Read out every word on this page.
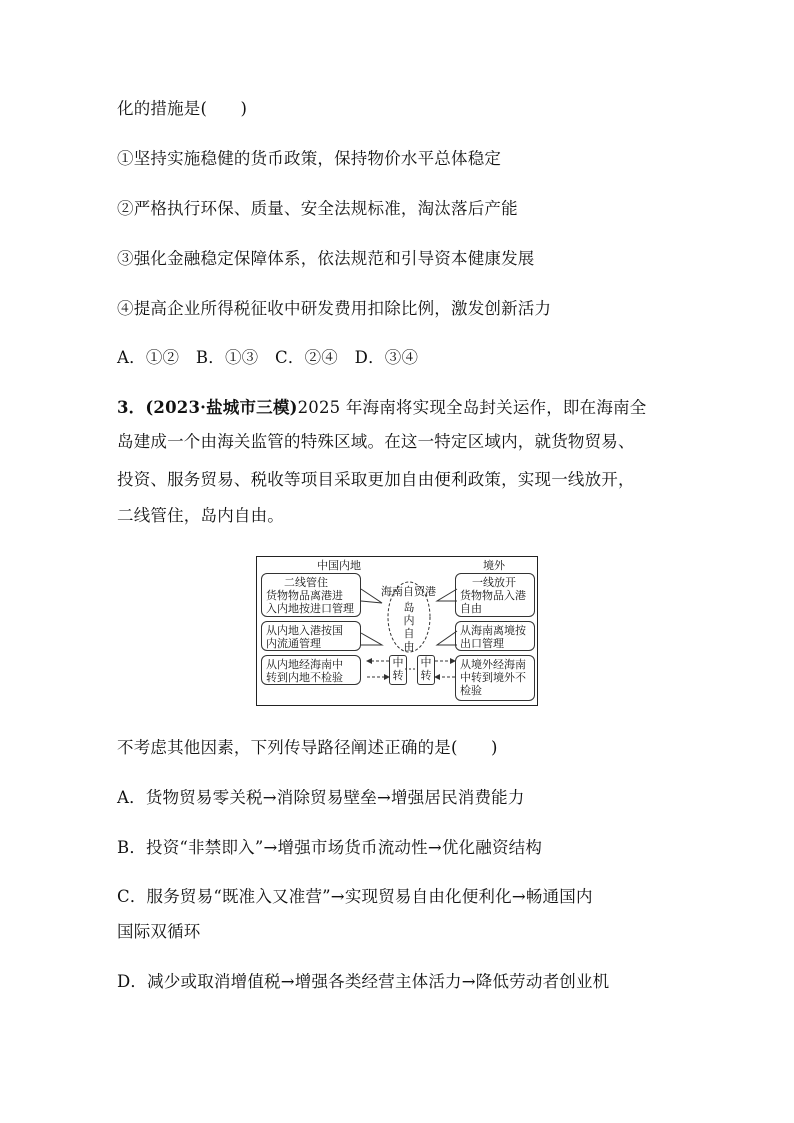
化的措施是(　　)
①坚持实施稳健的货币政策，保持物价水平总体稳定
②严格执行环保、质量、安全法规标准，淘汰落后产能
③强化金融稳定保障体系，依法规范和引导资本健康发展
④提高企业所得税征收中研发费用扣除比例，激发创新活力
A．①②　B．①③　C．②④　D．③④
3．(2023·盐城市三模)2025 年海南将实现全岛封关运作，即在海南全
岛建成一个由海关监管的特殊区域。在这一特定区域内，就货物贸易、
投资、服务贸易、税收等项目采取更加自由便利政策，实现一线放开，
二线管住，岛内自由。
中国内地	境外
海南自贸港
岛
内
自
由
二线管住
货物物品离港进
入内地按进口管理
从内地入港按国
内流通管理
从内地经海南中
转到内地不检验
中
转
中
转
一线放开
货物物品入港
自由
从海南离境按
出口管理
从境外经海南
中转到境外不
检验
不考虑其他因素，下列传导路径阐述正确的是(　　)
A．货物贸易零关税→消除贸易壁垒→增强居民消费能力
B．投资“非禁即入”→增强市场货币流动性→优化融资结构
C．服务贸易“既准入又准营”→实现贸易自由化便利化→畅通国内
国际双循环
D．减少或取消增值税→增强各类经营主体活力→降低劳动者创业机
